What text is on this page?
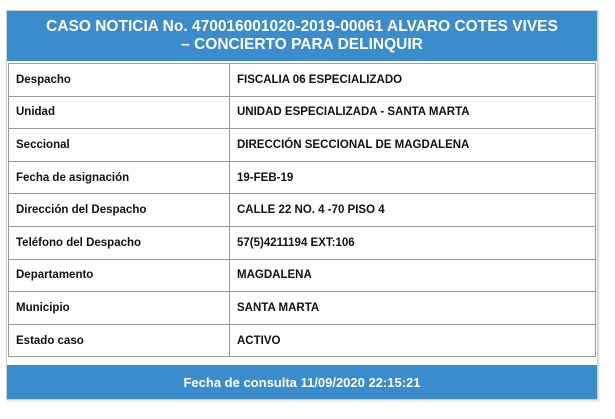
CASO NOTICIA No. 470016001020-2019-00061 ALVARO COTES VIVES
– CONCIERTO PARA DELINQUIR
Despacho	FISCALIA 06 ESPECIALIZADO
Unidad	UNIDAD ESPECIALIZADA - SANTA MARTA
Seccional	DIRECCIÓN SECCIONAL DE MAGDALENA
Fecha de asignación	19-FEB-19
Dirección del Despacho	CALLE 22 NO. 4 -70 PISO 4
Teléfono del Despacho	57(5)4211194 EXT:106
Departamento	MAGDALENA
Municipio	SANTA MARTA
Estado caso	ACTIVO
Fecha de consulta 11/09/2020 22:15:21
